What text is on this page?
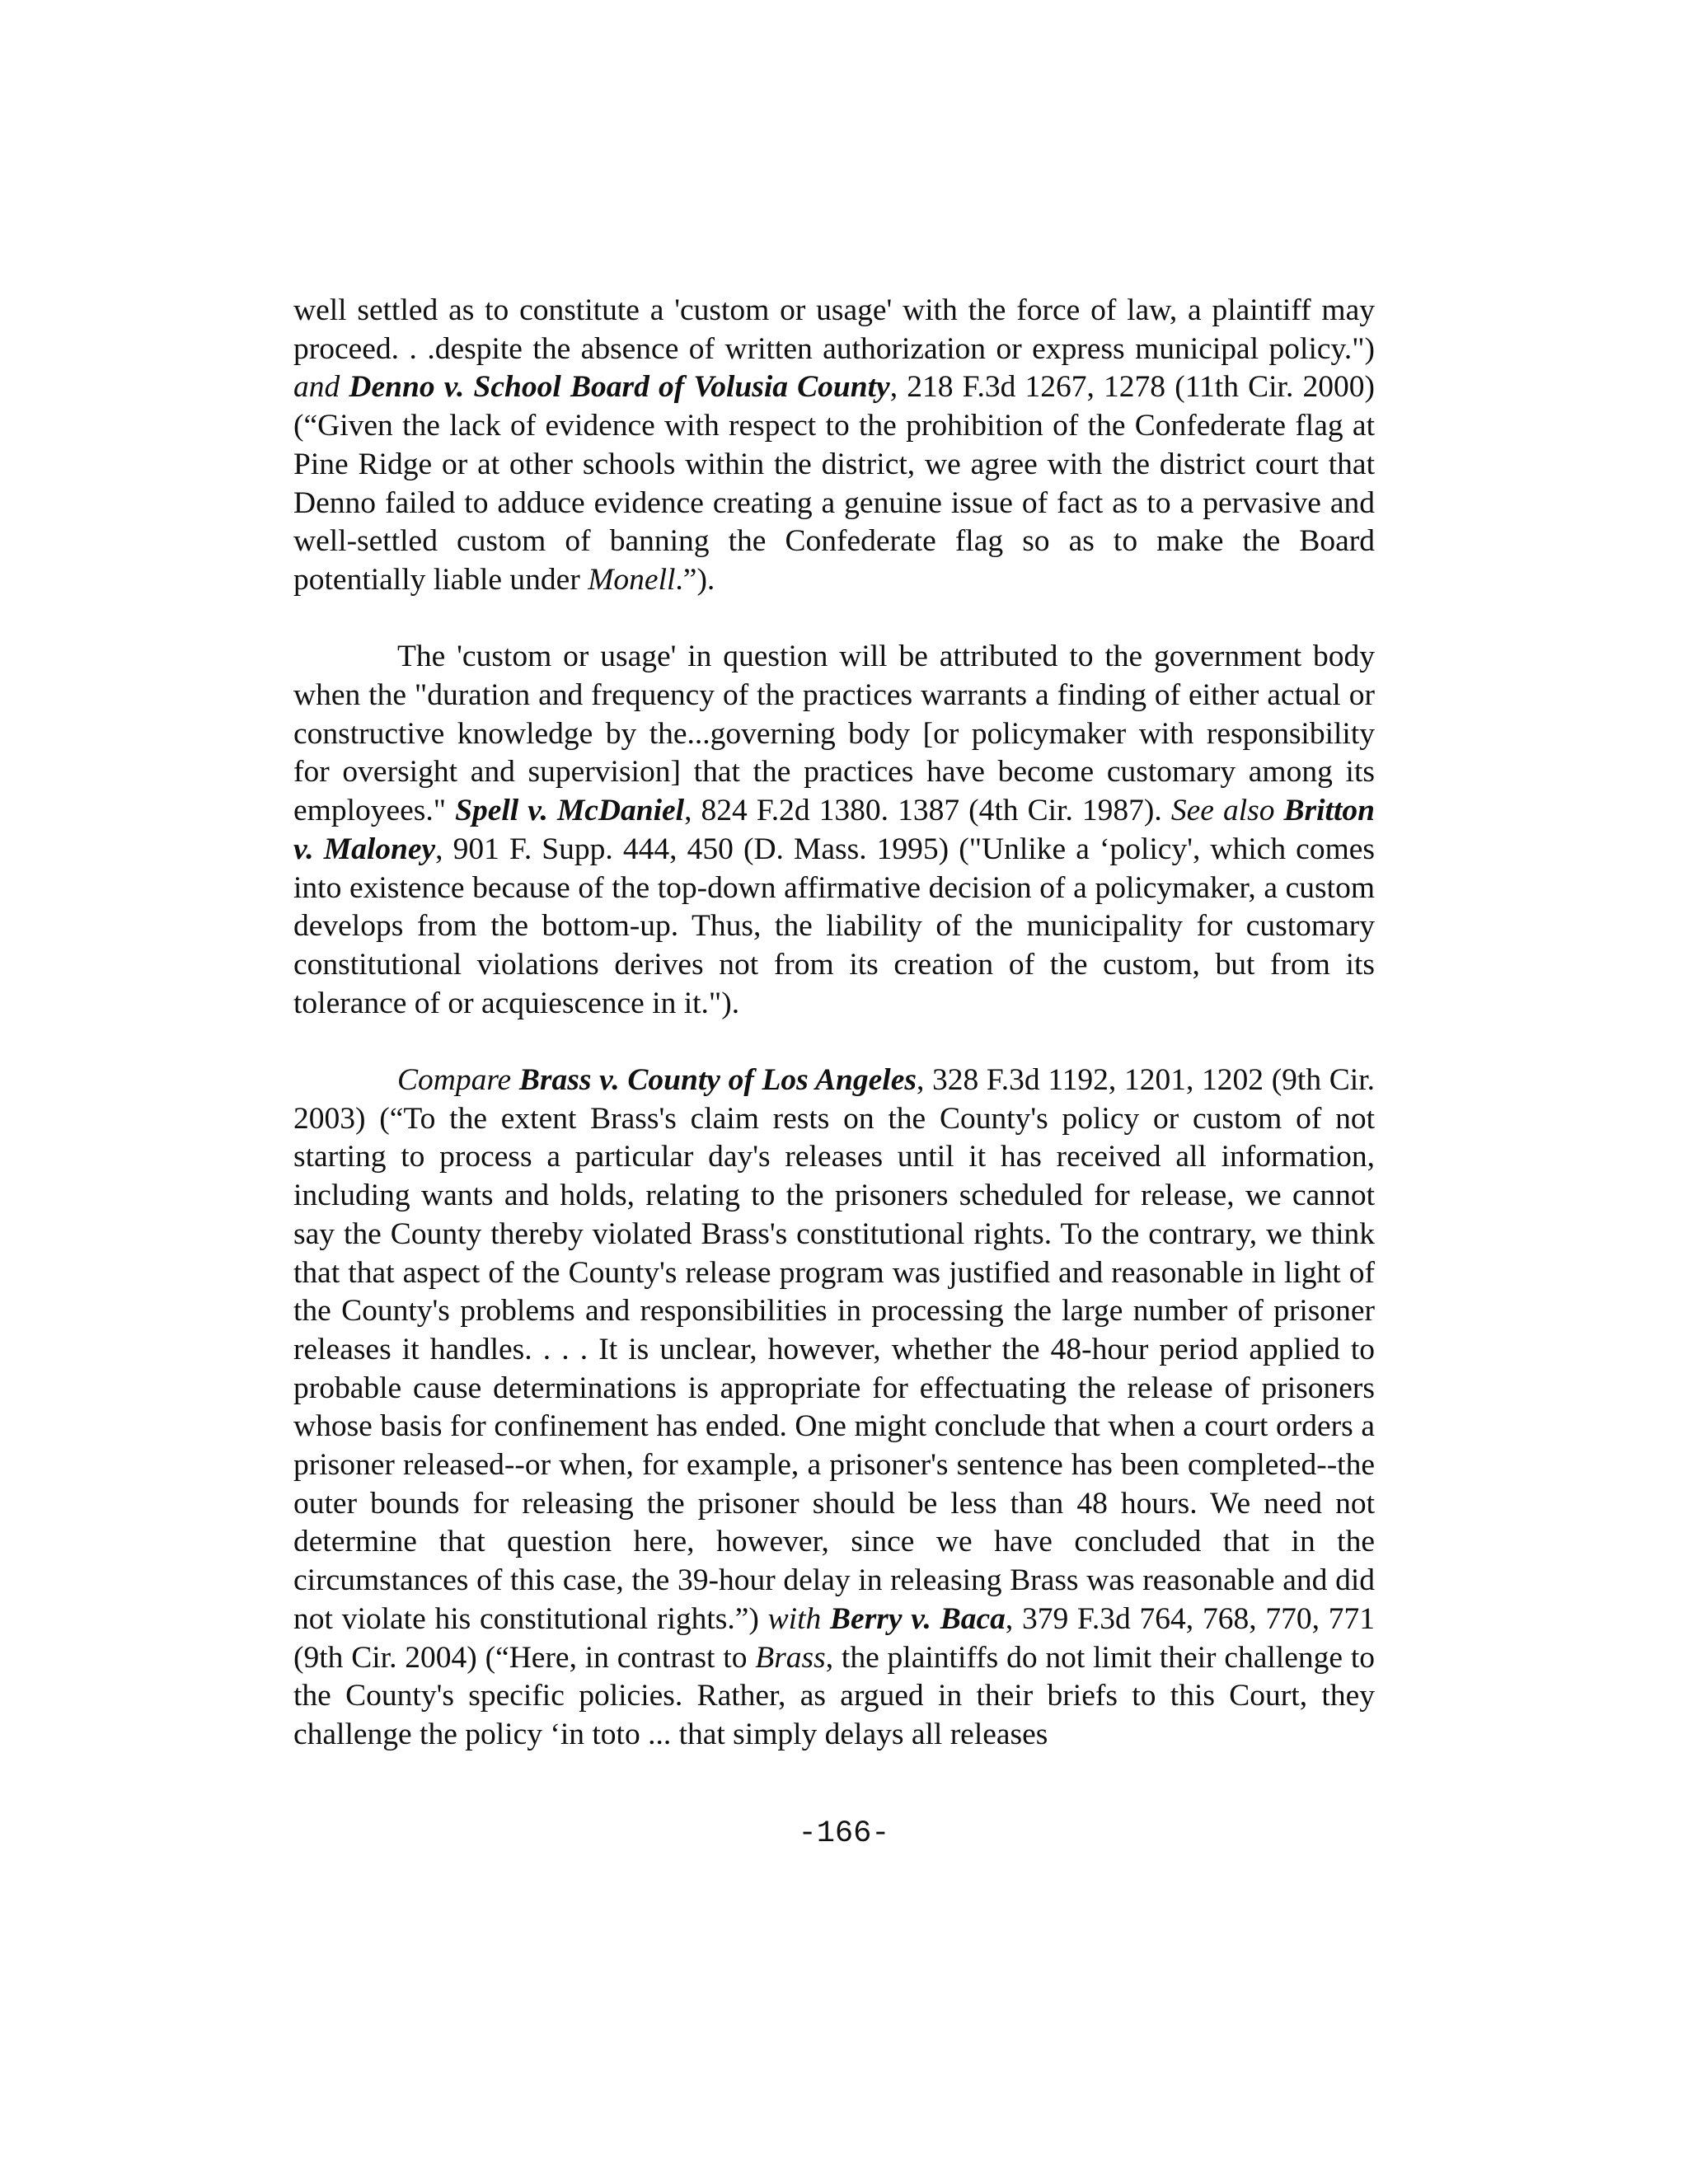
well settled as to constitute a 'custom or usage' with the force of law, a plaintiff may proceed. . .despite the absence of written authorization or express municipal policy.") and Denno v. School Board of Volusia County, 218 F.3d 1267, 1278 (11th Cir. 2000) (“Given the lack of evidence with respect to the prohibition of the Confederate flag at Pine Ridge or at other schools within the district, we agree with the district court that Denno failed to adduce evidence creating a genuine issue of fact as to a pervasive and well-settled custom of banning the Confederate flag so as to make the Board potentially liable under Monell.”).

The 'custom or usage' in question will be attributed to the government body when the "duration and frequency of the practices warrants a finding of either actual or constructive knowledge by the...governing body [or policymaker with responsibility for oversight and supervision] that the practices have become customary among its employees." Spell v. McDaniel, 824 F.2d 1380. 1387 (4th Cir. 1987). See also Britton v. Maloney, 901 F. Supp. 444, 450 (D. Mass. 1995) ("Unlike a ‘policy', which comes into existence because of the top-down affirmative decision of a policymaker, a custom develops from the bottom-up. Thus, the liability of the municipality for customary constitutional violations derives not from its creation of the custom, but from its tolerance of or acquiescence in it.").

Compare Brass v. County of Los Angeles, 328 F.3d 1192, 1201, 1202 (9th Cir. 2003) (“To the extent Brass's claim rests on the County's policy or custom of not starting to process a particular day's releases until it has received all information, including wants and holds, relating to the prisoners scheduled for release, we cannot say the County thereby violated Brass's constitutional rights. To the contrary, we think that that aspect of the County's release program was justified and reasonable in light of the County's problems and responsibilities in processing the large number of prisoner releases it handles. . . . It is unclear, however, whether the 48-hour period applied to probable cause determinations is appropriate for effectuating the release of prisoners whose basis for confinement has ended. One might conclude that when a court orders a prisoner released--or when, for example, a prisoner's sentence has been completed--the outer bounds for releasing the prisoner should be less than 48 hours. We need not determine that question here, however, since we have concluded that in the circumstances of this case, the 39-hour delay in releasing Brass was reasonable and did not violate his constitutional rights.”) with Berry v. Baca, 379 F.3d 764, 768, 770, 771 (9th Cir. 2004) (“Here, in contrast to Brass, the plaintiffs do not limit their challenge to the County's specific policies. Rather, as argued in their briefs to this Court, they challenge the policy ‘in toto ... that simply delays all releases

-166-
